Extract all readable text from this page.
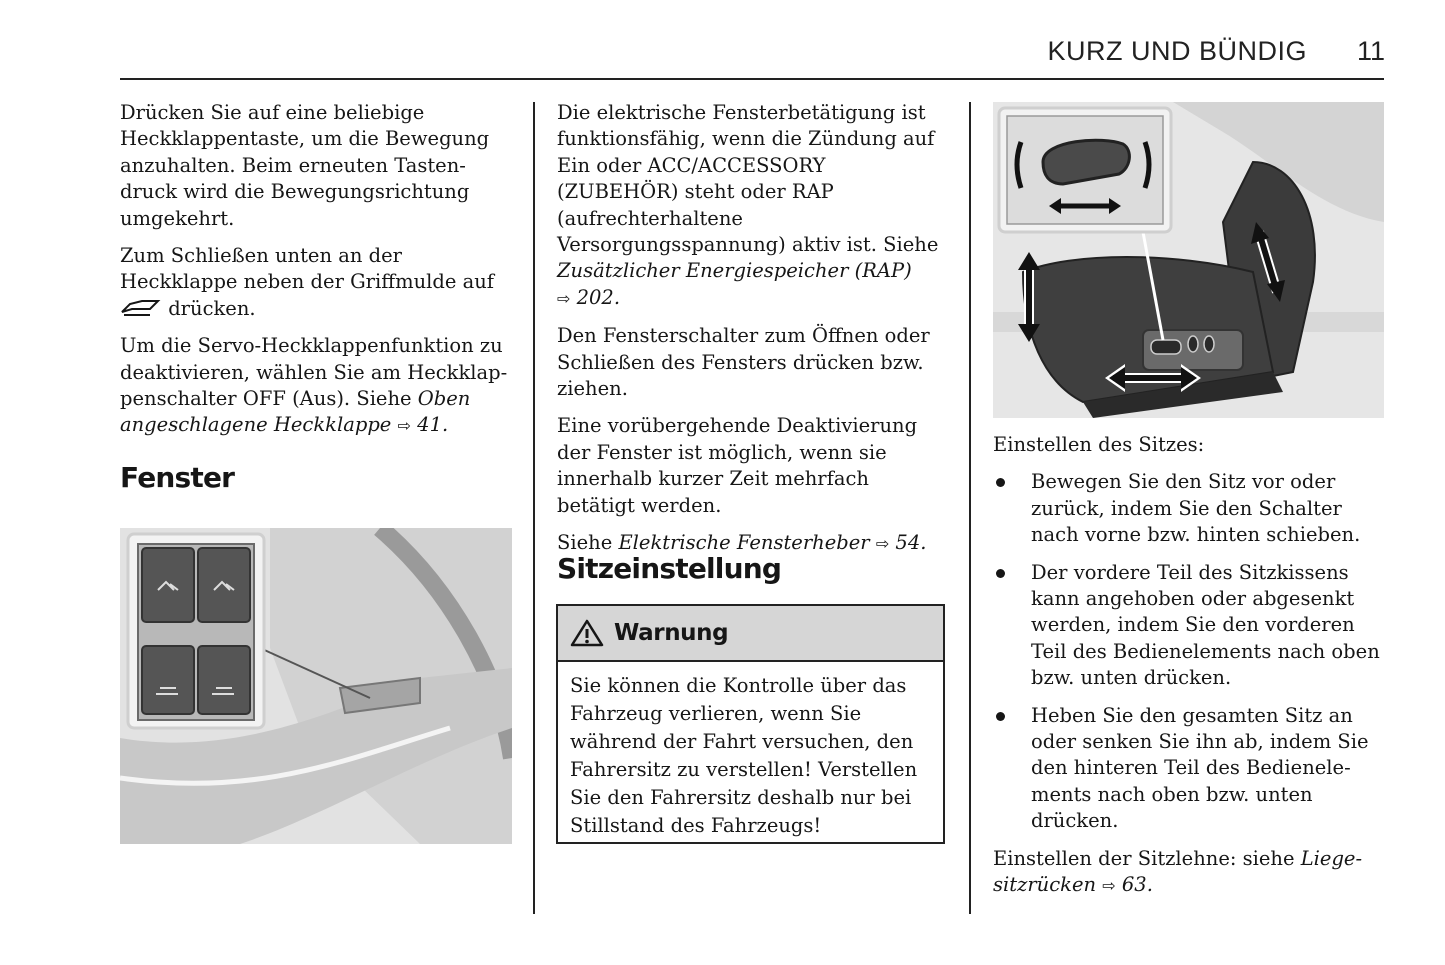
KURZ UND BÜNDIG 11

Drücken Sie auf eine beliebige Heckklappentaste, um die Bewegung anzuhalten. Beim erneuten Tastendruck wird die Bewegungsrichtung umgekehrt.

Zum Schließen unten an der Heckklappe neben der Griffmulde auf
drücken.

Um die Servo-Heckklappenfunktion zu deaktivieren, wählen Sie am Heckklappenschalter OFF (Aus). Siehe Oben angeschlagene Heckklappe ⇨ 41.

Fenster

Die elektrische Fensterbetätigung ist funktionsfähig, wenn die Zündung auf Ein oder ACC/ACCESSORY (ZUBEHÖR) steht oder RAP (aufrechterhaltene Versorgungsspannung) aktiv ist. Siehe Zusätzlicher Energiespeicher (RAP)
⇨ 202.

Den Fensterschalter zum Öffnen oder Schließen des Fensters drücken bzw. ziehen.

Eine vorübergehende Deaktivierung der Fenster ist möglich, wenn sie innerhalb kurzer Zeit mehrfach betätigt werden.

Siehe Elektrische Fensterheber ⇨ 54.

Sitzeinstellung
Warnung
Sie können die Kontrolle über das Fahrzeug verlieren, wenn Sie während der Fahrt versuchen, den Fahrersitz zu verstellen! Verstellen Sie den Fahrersitz deshalb nur bei Stillstand des Fahrzeugs!

Einstellen des Sitzes:

Bewegen Sie den Sitz vor oder zurück, indem Sie den Schalter nach vorne bzw. hinten schieben.
Der vordere Teil des Sitzkissens kann angehoben oder abgesenkt werden, indem Sie den vorderen Teil des Bedienelements nach oben bzw. unten drücken.
Heben Sie den gesamten Sitz an oder senken Sie ihn ab, indem Sie den hinteren Teil des Bedienelements nach oben bzw. unten drücken.

Einstellen der Sitzlehne: siehe Liegesitzrücken ⇨ 63.
